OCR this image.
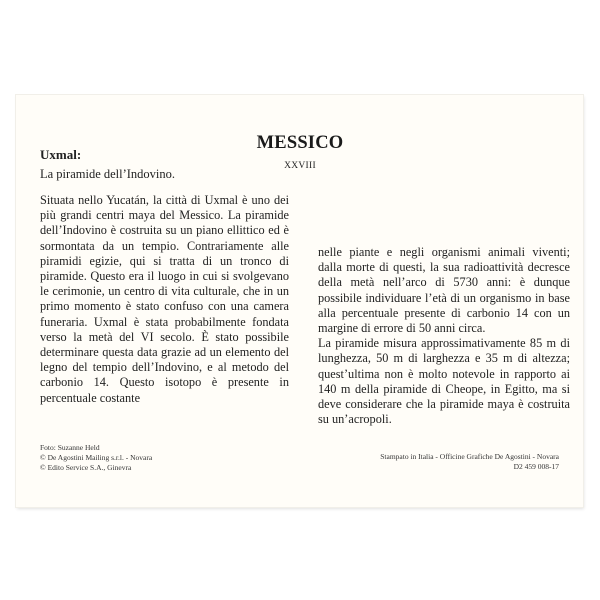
MESSICO
Uxmal:
La piramide dell’Indovino.
XXVIII

Situata nello Yucatán, la città di Uxmal è uno dei più grandi centri maya del Messico. La piramide dell’Indovino è costruita su un piano ellittico ed è sormontata da un tempio. Contrariamente alle piramidi egizie, qui si tratta di un tronco di piramide. Questo era il luogo in cui si svolgevano le cerimonie, un centro di vita culturale, che in un primo momento è stato confuso con una camera funeraria. Uxmal è stata probabilmente fondata verso la metà del VI secolo. È stato possibile determinare questa data grazie ad un elemento del legno del tempio dell’Indovino, e al metodo del carbonio 14. Questo isotopo è presente in percentuale costante

nelle piante e negli organismi animali viventi; dalla morte di questi, la sua radioattività decresce della metà nell’arco di 5730 anni: è dunque possibile individuare l’età di un organismo in base alla percentuale presente di carbonio 14 con un margine di errore di 50 anni circa.

La piramide misura approssimativamente 85 m di lunghezza, 50 m di larghezza e 35 m di altezza; quest’ultima non è molto notevole in rapporto ai 140 m della piramide di Cheope, in Egitto, ma si deve considerare che la piramide maya è costruita su un’acropoli.

Foto: Suzanne Held
© De Agostini Mailing s.r.l. - Novara
© Edito Service S.A., Ginevra
Stampato in Italia - Officine Grafiche De Agostini - Novara
D2 459 008-17
